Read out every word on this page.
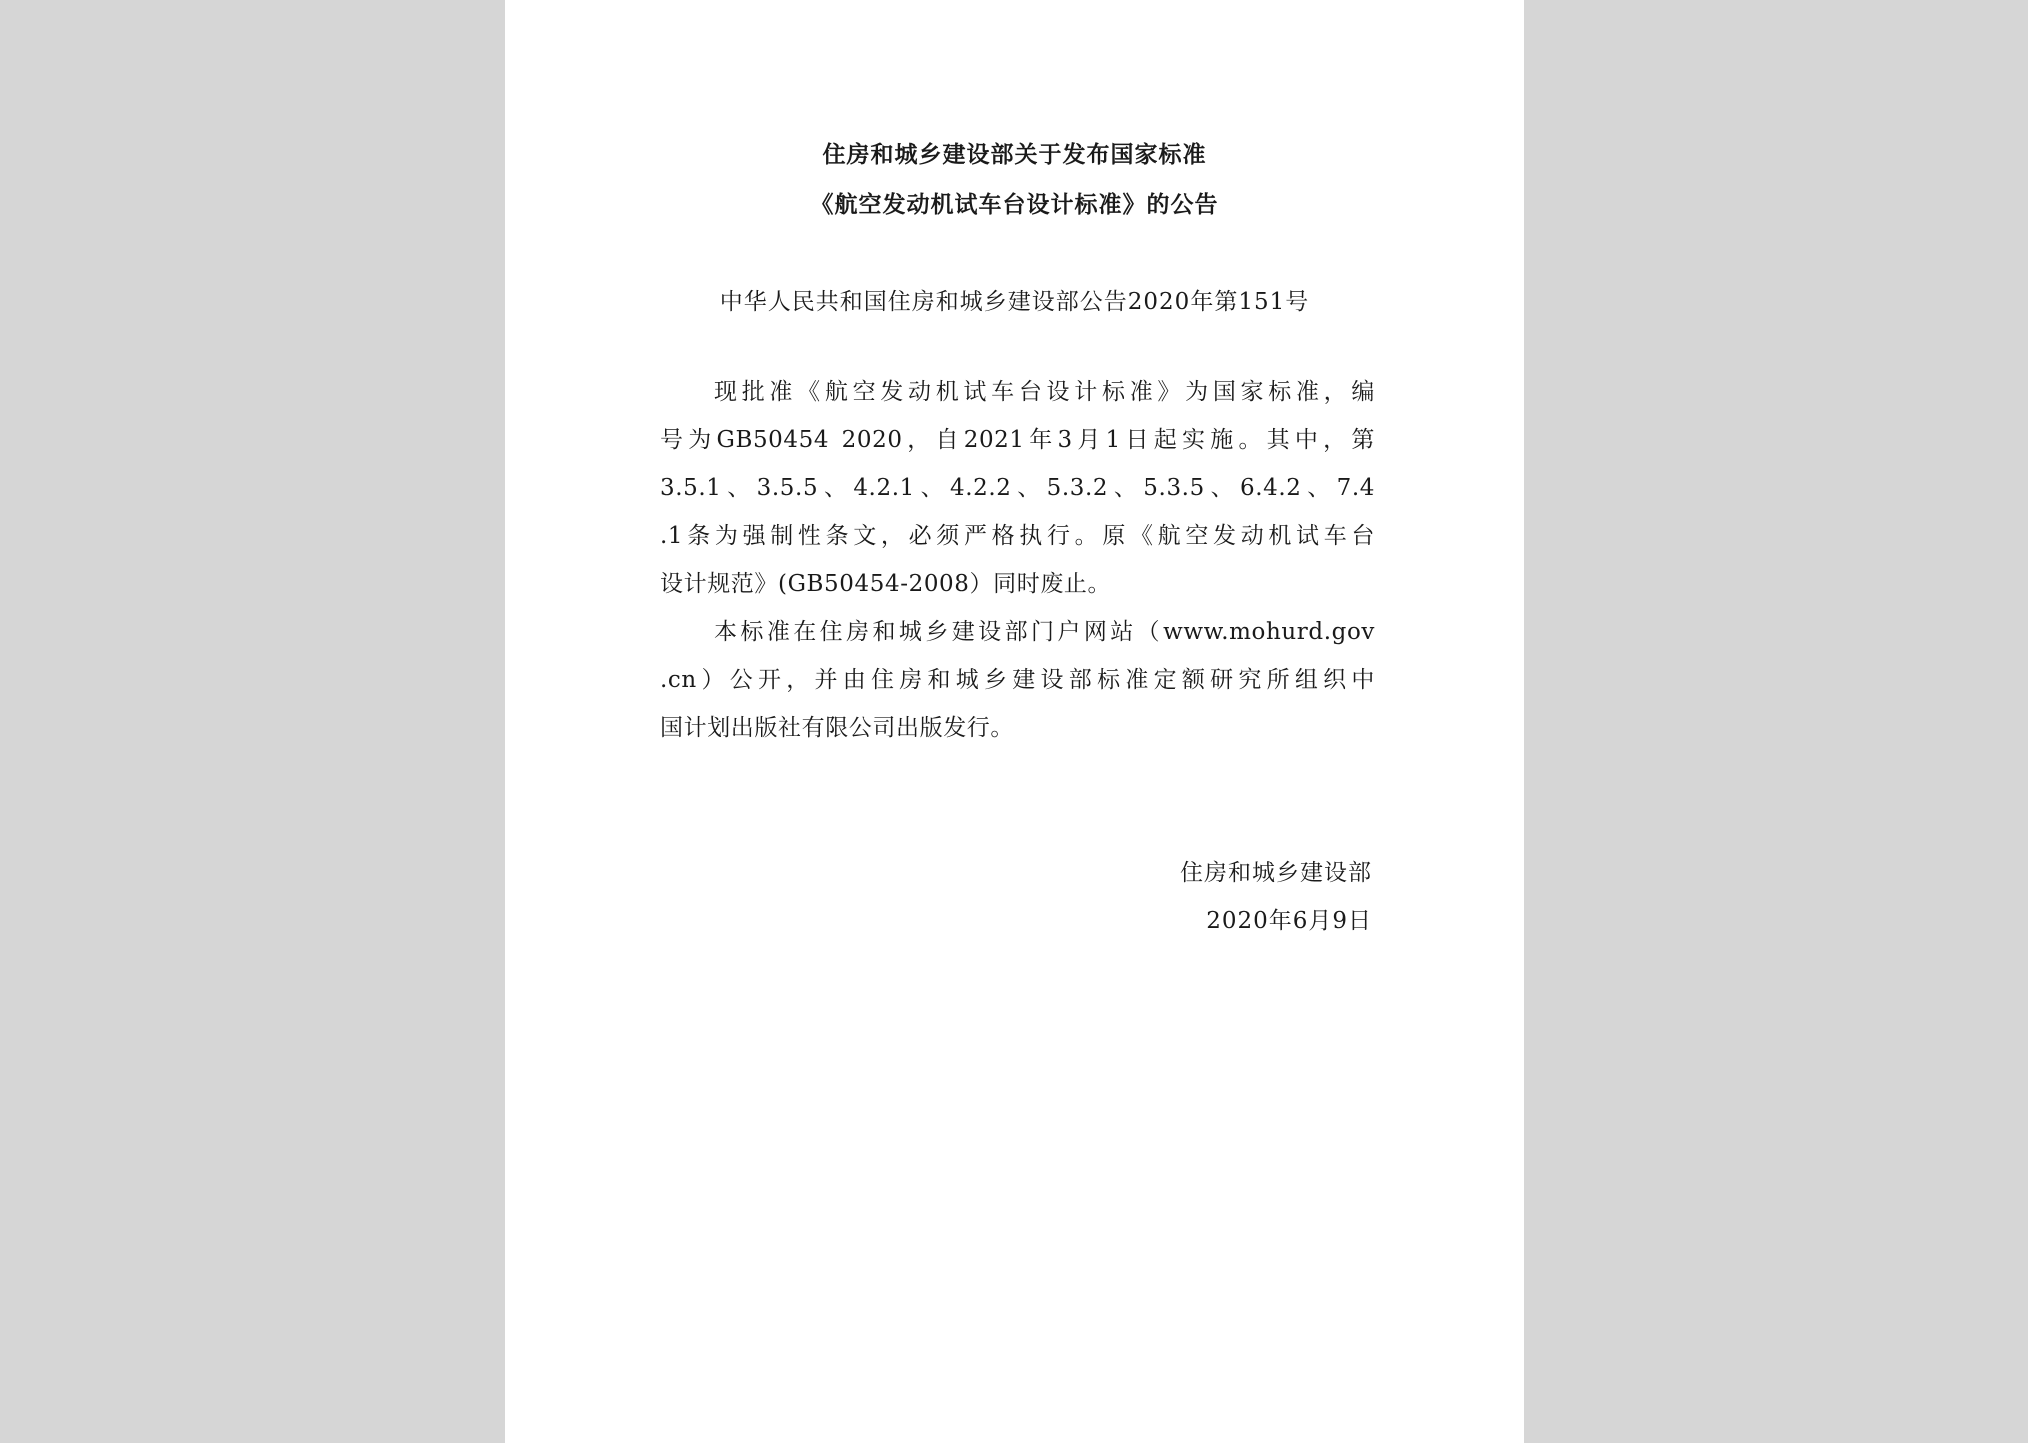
住房和城乡建设部关于发布国家标准
《航空发动机试车台设计标准》的公告
中华人民共和国住房和城乡建设部公告2020年第151号
现批准《航空发动机试车台设计标准》为国家标准，编
号为GB50454 2020，自2021年3月1日起实施。其中，第
3.5.1、3.5.5、4.2.1、4.2.2、5.3.2、5.3.5、6.4.2、7.4
.1条为强制性条文，必须严格执行。原《航空发动机试车台
设计规范》(GB50454-2008）同时废止。
本标准在住房和城乡建设部门户网站（www.mohurd.gov
.cn）公开，并由住房和城乡建设部标准定额研究所组织中
国计划出版社有限公司出版发行。
住房和城乡建设部
2020年6月9日
